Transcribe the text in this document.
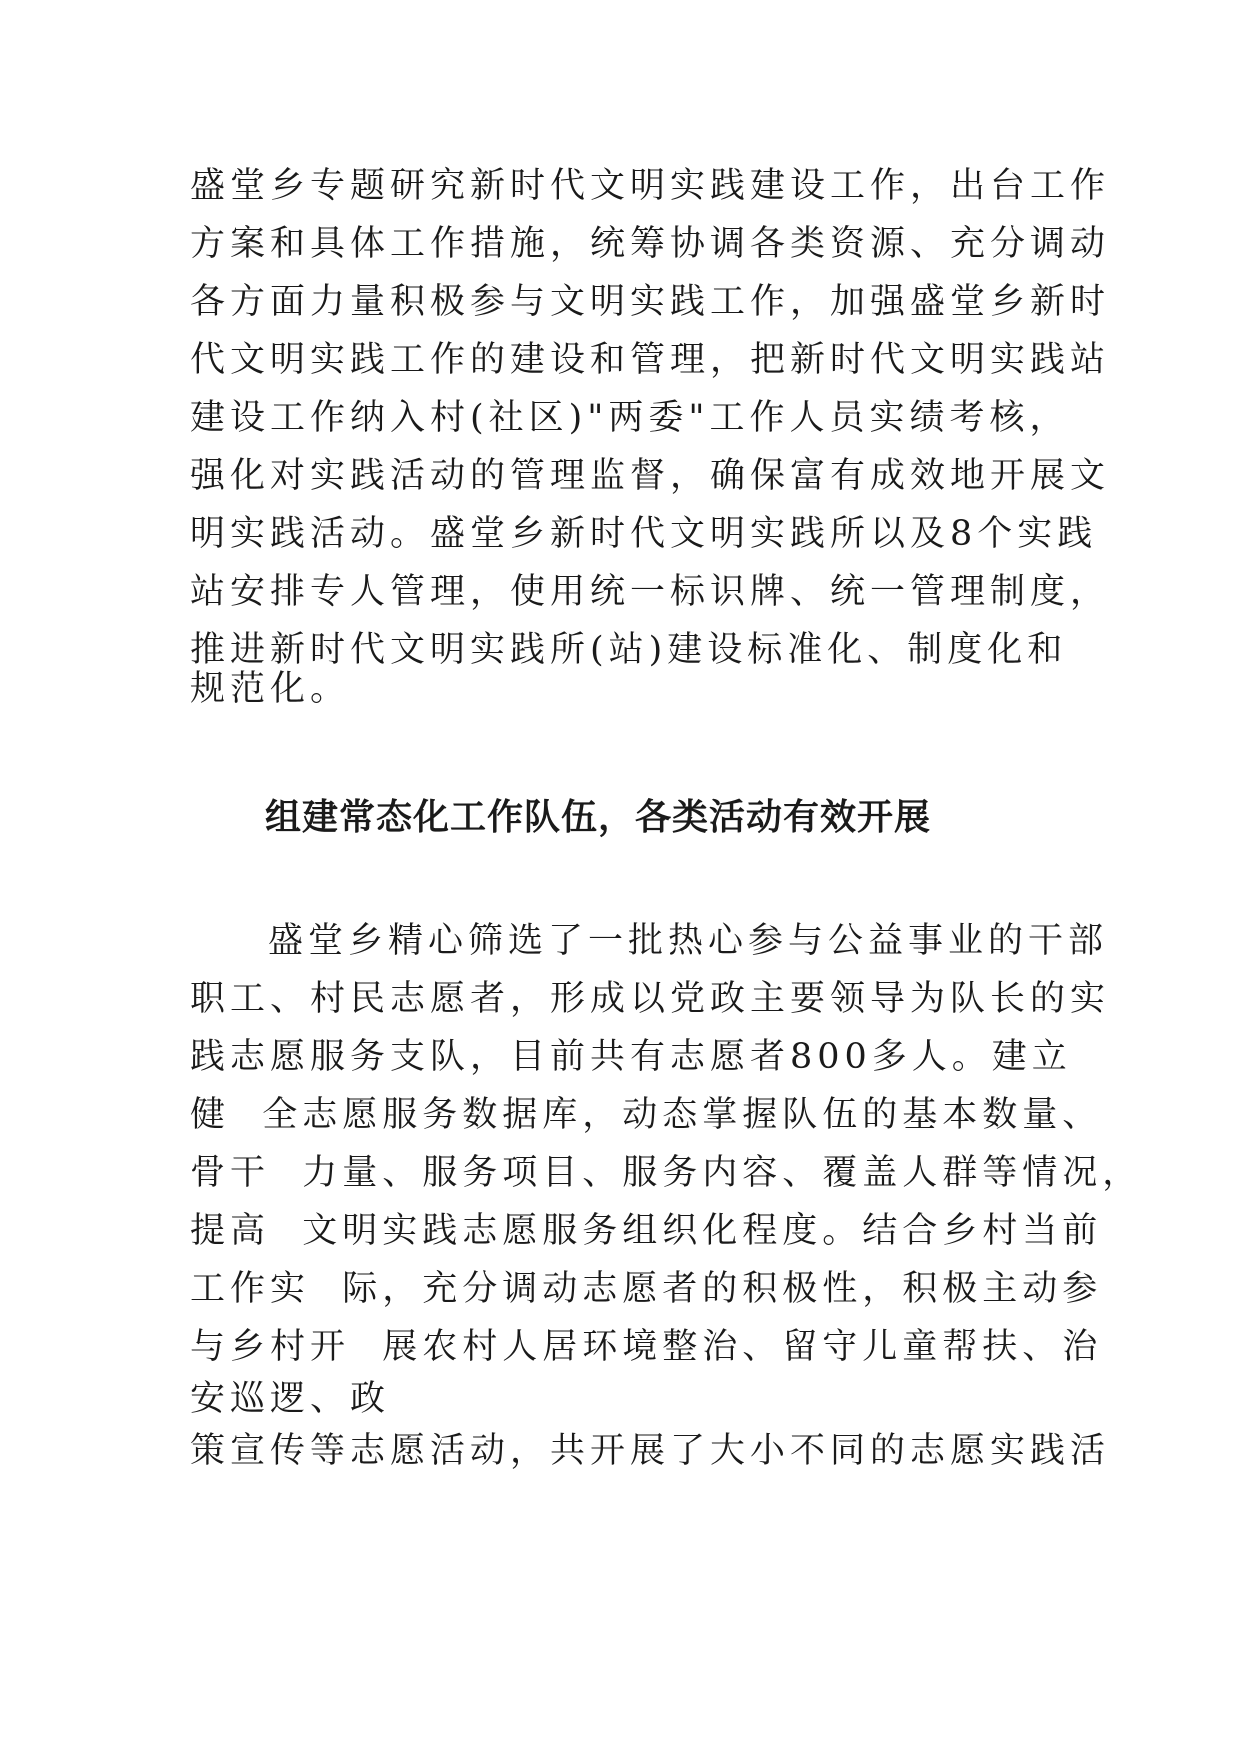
盛堂乡专题研究新时代文明实践建设工作，出台工作
方案和具体工作措施，统筹协调各类资源、充分调动
各方面力量积极参与文明实践工作，加强盛堂乡新时
代文明实践工作的建设和管理，把新时代文明实践站
建设工作纳入村(社区)"两委"工作人员实绩考核，
强化对实践活动的管理监督，确保富有成效地开展文
明实践活动。盛堂乡新时代文明实践所以及8个实践
站安排专人管理，使用统一标识牌、统一管理制度，
推进新时代文明实践所(站)建设标准化、制度化和
规范化。
组建常态化工作队伍，各类活动有效开展
盛堂乡精心筛选了一批热心参与公益事业的干部
职工、村民志愿者，形成以党政主要领导为队长的实
践志愿服务支队，目前共有志愿者800多人。建立
健  全志愿服务数据库，动态掌握队伍的基本数量、
骨干  力量、服务项目、服务内容、覆盖人群等情况，
提高  文明实践志愿服务组织化程度。结合乡村当前
工作实  际，充分调动志愿者的积极性，积极主动参
与乡村开  展农村人居环境整治、留守儿童帮扶、治
安巡逻、政
策宣传等志愿活动，共开展了大小不同的志愿实践活
